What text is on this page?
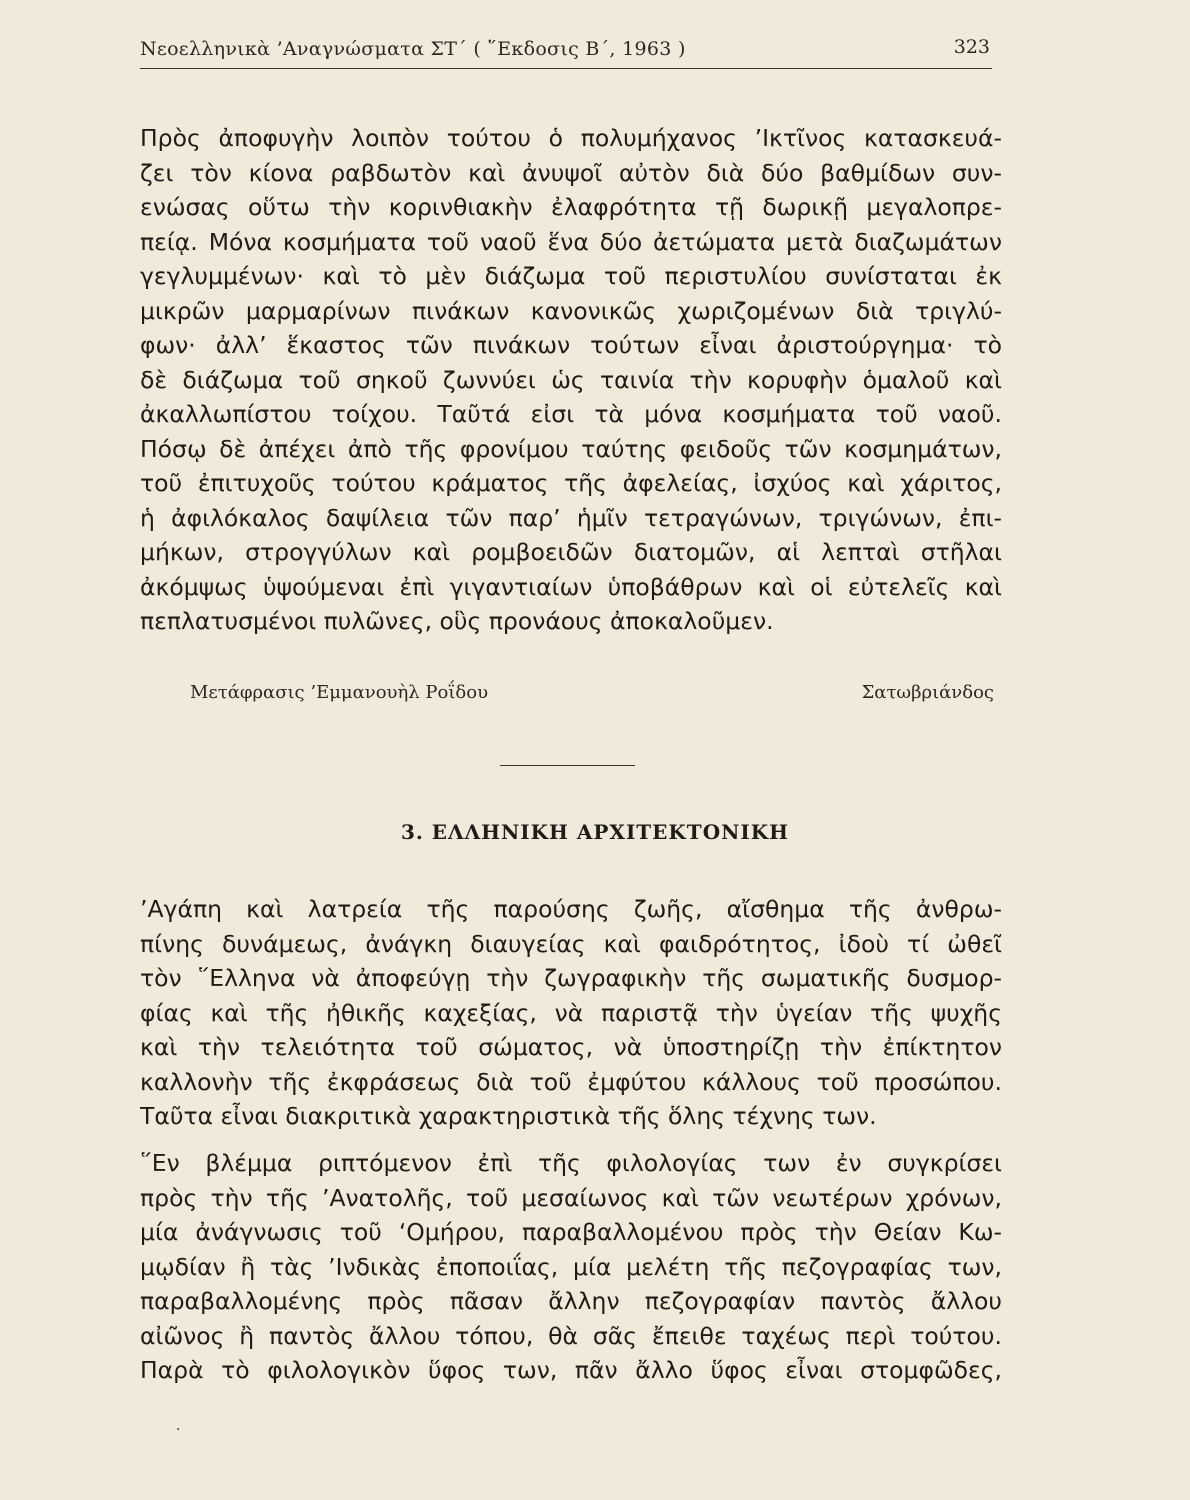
Νεοελληνικὰ ’Αναγνώσματα ΣΤ΄ ( ῞Εκδοσις Β΄, 1963 )	323
Πρὸς ἀποφυγὴν λοιπὸν τούτου ὁ πολυμήχανος ’Ικτῖνος κατασκευά-
ζει τὸν κίονα ραβδωτὸν καὶ ἀνυψοῖ αὐτὸν διὰ δύο βαθμίδων συν-
ενώσας οὕτω τὴν κορινθιακὴν ἐλαφρότητα τῇ δωρικῇ μεγαλοπρε-
πείᾳ. Μόνα κοσμήματα τοῦ ναοῦ ἕνα δύο ἀετώματα μετὰ διαζωμάτων
γεγλυμμένων· καὶ τὸ μὲν διάζωμα τοῦ περιστυλίου συνίσταται ἐκ
μικρῶν μαρμαρίνων πινάκων κανονικῶς χωριζομένων διὰ τριγλύ-
φων· ἀλλ’ ἕκαστος τῶν πινάκων τούτων εἶναι ἀριστούργημα· τὸ
δὲ διάζωμα τοῦ σηκοῦ ζωννύει ὡς ταινία τὴν κορυφὴν ὁμαλοῦ καὶ
ἀκαλλωπίστου τοίχου. Ταῦτά εἰσι τὰ μόνα κοσμήματα τοῦ ναοῦ.
Πόσῳ δὲ ἀπέχει ἀπὸ τῆς φρονίμου ταύτης φειδοῦς τῶν κοσμημάτων,
τοῦ ἐπιτυχοῦς τούτου κράματος τῆς ἀφελείας, ἰσχύος καὶ χάριτος,
ἡ ἀφιλόκαλος δαψίλεια τῶν παρ’ ἡμῖν τετραγώνων, τριγώνων, ἐπι-
μήκων, στρογγύλων καὶ ρομβοειδῶν διατομῶν, αἱ λεπταὶ στῆλαι
ἀκόμψως ὑψούμεναι ἐπὶ γιγαντιαίων ὑποβάθρων καὶ οἱ εὐτελεῖς καὶ
πεπλατυσμένοι πυλῶνες, οὓς προνάους ἀποκαλοῦμεν.
Μετάφρασις ’Εμμανουὴλ Ροΐδου	Σατωβριάνδος
3. ΕΛΛΗΝΙΚΗ ΑΡΧΙΤΕΚΤΟΝΙΚΗ
’Αγάπη καὶ λατρεία τῆς παρούσης ζωῆς, αἴσθημα τῆς ἀνθρω-
πίνης δυνάμεως, ἀνάγκη διαυγείας καὶ φαιδρότητος, ἰδοὺ τί ὠθεῖ
τὸν ῞Ελληνα νὰ ἀποφεύγῃ τὴν ζωγραφικὴν τῆς σωματικῆς δυσμορ-
φίας καὶ τῆς ἠθικῆς καχεξίας, νὰ παριστᾷ τὴν ὑγείαν τῆς ψυχῆς
καὶ τὴν τελειότητα τοῦ σώματος, νὰ ὑποστηρίζῃ τὴν ἐπίκτητον
καλλονὴν τῆς ἐκφράσεως διὰ τοῦ ἐμφύτου κάλλους τοῦ προσώπου.
Ταῦτα εἶναι διακριτικὰ χαρακτηριστικὰ τῆς ὅλης τέχνης των.
῞Εν βλέμμα ριπτόμενον ἐπὶ τῆς φιλολογίας των ἐν συγκρίσει
πρὸς τὴν τῆς ’Ανατολῆς, τοῦ μεσαίωνος καὶ τῶν νεωτέρων χρόνων,
μία ἀνάγνωσις τοῦ ‘Ομήρου, παραβαλλομένου πρὸς τὴν Θείαν Κω-
μῳδίαν ἢ τὰς ’Ινδικὰς ἐποποιΐας, μία μελέτη τῆς πεζογραφίας των,
παραβαλλομένης πρὸς πᾶσαν ἄλλην πεζογραφίαν παντὸς ἄλλου
αἰῶνος ἢ παντὸς ἄλλου τόπου, θὰ σᾶς ἔπειθε ταχέως περὶ τούτου.
Παρὰ τὸ φιλολογικὸν ὕφος των, πᾶν ἄλλο ὕφος εἶναι στομφῶδες,
·
